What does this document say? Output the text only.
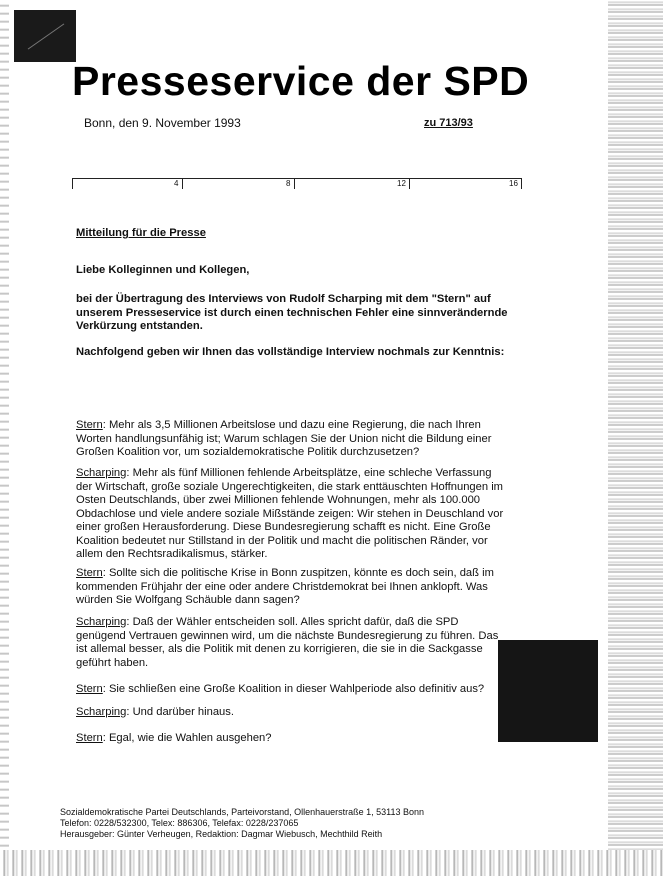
Presseservice der SPD
Bonn, den 9. November 1993	zu 713/93
4	8	12	16
Mitteilung für die Presse
Liebe Kolleginnen und Kollegen,
bei der Übertragung des Interviews von Rudolf Scharping mit dem "Stern" auf unserem Presseservice ist durch einen technischen Fehler eine sinnverändernde Verkürzung entstanden.
Nachfolgend geben wir Ihnen das vollständige Interview nochmals zur Kenntnis:
Stern: Mehr als 3,5 Millionen Arbeitslose und dazu eine Regierung, die nach Ihren Worten handlungsunfähig ist; Warum schlagen Sie der Union nicht die Bildung einer Großen Koalition vor, um sozialdemokratische Politik durchzusetzen?
Scharping: Mehr als fünf Millionen fehlende Arbeitsplätze, eine schleche Verfassung der Wirtschaft, große soziale Ungerechtigkeiten, die stark enttäuschten Hoffnungen im Osten Deutschlands, über zwei Millionen fehlende Wohnungen, mehr als 100.000 Obdachlose und viele andere soziale Mißstände zeigen: Wir stehen in Deuschland vor einer großen Herausforderung. Diese Bundesregierung schafft es nicht. Eine Große Koalition bedeutet nur Stillstand in der Politik und macht die politischen Ränder, vor allem den Rechtsradikalismus, stärker.
Stern: Sollte sich die politische Krise in Bonn zuspitzen, könnte es doch sein, daß im kommenden Frühjahr der eine oder andere Christdemokrat bei Ihnen anklopft. Was würden Sie Wolfgang Schäuble dann sagen?
Scharping: Daß der Wähler entscheiden soll. Alles spricht dafür, daß die SPD genügend Vertrauen gewinnen wird, um die nächste Bundesregierung zu führen. Das ist allemal besser, als die Politik mit denen zu korrigieren, die sie in die Sackgasse geführt haben.
Stern: Sie schließen eine Große Koalition in dieser Wahlperiode also definitiv aus?
Scharping: Und darüber hinaus.
Stern: Egal, wie die Wahlen ausgehen?
Sozialdemokratische Partei Deutschlands, Parteivorstand, Ollenhauerstraße 1, 53113 Bonn
Telefon: 0228/532300, Telex: 886306, Telefax: 0228/237065
Herausgeber: Günter Verheugen, Redaktion: Dagmar Wiebusch, Mechthild Reith
